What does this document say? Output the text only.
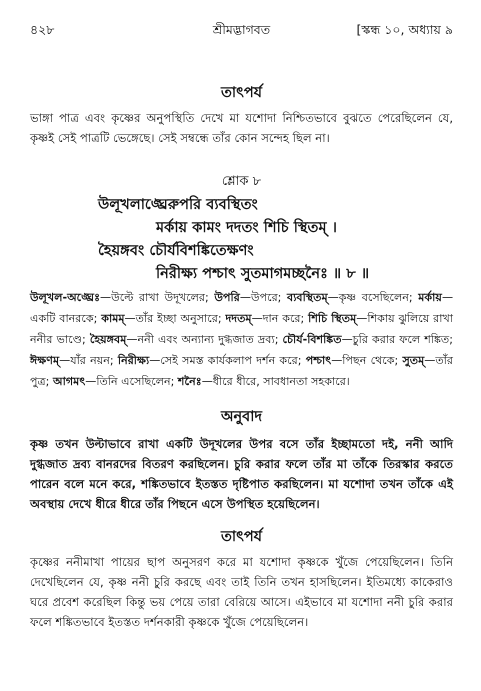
৪২৮	শ্রীমদ্ভাগবত	[স্কন্ধ ১০, অধ্যায় ৯
তাৎপর্য
ভাঙ্গা পাত্র এবং কৃষ্ণের অনুপস্থিতি দেখে মা যশোদা নিশ্চিতভাবে বুঝতে পেরেছিলেন যে, কৃষ্ণই সেই পাত্রটি ভেঙ্গেছে। সেই সম্বন্ধে তাঁর কোন সন্দেহ ছিল না।
শ্লোক ৮
উলূখলাঙ্ঘ্রেরুপরি ব্যবস্থিতং
মর্কায় কামং দদতং শিচি স্থিতম্ ।
হৈয়ঙ্গবং চৌর্যবিশঙ্কিতেক্ষণং
নিরীক্ষ্য পশ্চাৎ সুতমাগমচ্ছনৈঃ ॥ ৮ ॥
উলূখল-অঙ্ঘ্রেঃ—উল্টে রাখা উদূখলের; উপরি—উপরে; ব্যবস্থিতম্—কৃষ্ণ বসেছিলেন; মর্কায়—একটি বানরকে; কামম্—তাঁর ইচ্ছা অনুসারে; দদতম্—দান করে; শিচি স্থিতম্—শিকায় ঝুলিয়ে রাখা ননীর ভাণ্ডে; হৈয়ঙ্গবম্—ননী এবং অন্যান্য দুগ্ধজাত দ্রব্য; চৌর্য-বিশঙ্কিত—চুরি করার ফলে শঙ্কিত; ঈক্ষণম্—যাঁর নয়ন; নিরীক্ষ্য—সেই সমস্ত কার্যকলাপ দর্শন করে; পশ্চাৎ—পিছন থেকে; সুতম্—তাঁর পুত্র; আগমৎ—তিনি এসেছিলেন; শনৈঃ—ধীরে ধীরে, সাবধানতা সহকারে।
অনুবাদ
কৃষ্ণ তখন উল্টাভাবে রাখা একটি উদূখলের উপর বসে তাঁর ইচ্ছামতো দই, ননী আদি দুগ্ধজাত দ্রব্য বানরদের বিতরণ করছিলেন। চুরি করার ফলে তাঁর মা তাঁকে তিরস্কার করতে পারেন বলে মনে করে, শঙ্কিতভাবে ইতস্তত দৃষ্টিপাত করছিলেন। মা যশোদা তখন তাঁকে এই অবস্থায় দেখে ধীরে ধীরে তাঁর পিছনে এসে উপস্থিত হয়েছিলেন।
তাৎপর্য
কৃষ্ণের ননীমাখা পায়ের ছাপ অনুসরণ করে মা যশোদা কৃষ্ণকে খুঁজে পেয়েছিলেন। তিনি দেখেছিলেন যে, কৃষ্ণ ননী চুরি করছে এবং তাই তিনি তখন হাসছিলেন। ইতিমধ্যে কাকেরাও ঘরে প্রবেশ করেছিল কিন্তু ভয় পেয়ে তারা বেরিয়ে আসে। এইভাবে মা যশোদা ননী চুরি করার ফলে শঙ্কিতভাবে ইতস্তত দর্শনকারী কৃষ্ণকে খুঁজে পেয়েছিলেন।
